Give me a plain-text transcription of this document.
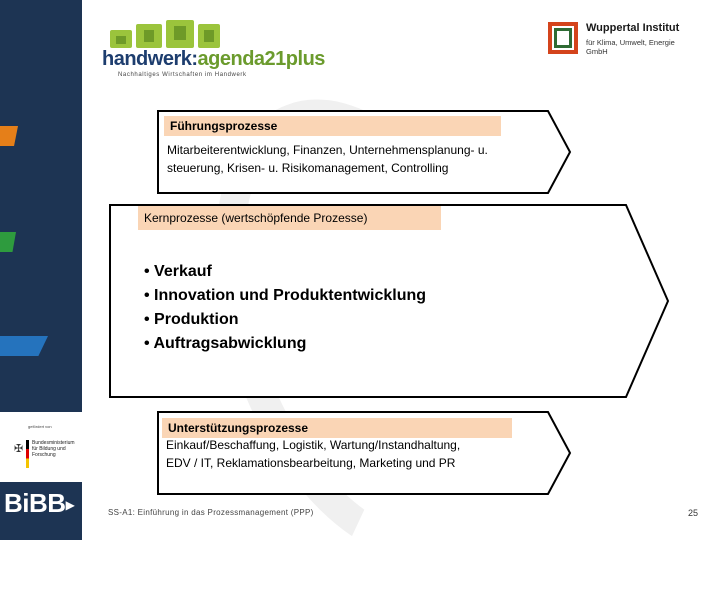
gefördert von
✠ Bundesministerium für Bildung und Forschung
BiBB▶
handwerk:agenda21plus
Nachhaltiges Wirtschaften im Handwerk
Wuppertal Institut
für Klima, Umwelt, Energie GmbH
Führungsprozesse
Mitarbeiterentwicklung, Finanzen, Unternehmensplanung- u.
steuerung, Krisen- u. Risikomanagement, Controlling
Kernprozesse (wertschöpfende Prozesse)
• Verkauf
• Innovation und Produktentwicklung
• Produktion
• Auftragsabwicklung
Unterstützungsprozesse
Einkauf/Beschaffung, Logistik, Wartung/Instandhaltung,
EDV / IT, Reklamationsbearbeitung, Marketing und PR
SS-A1: Einführung in das Prozessmanagement (PPP)	25
